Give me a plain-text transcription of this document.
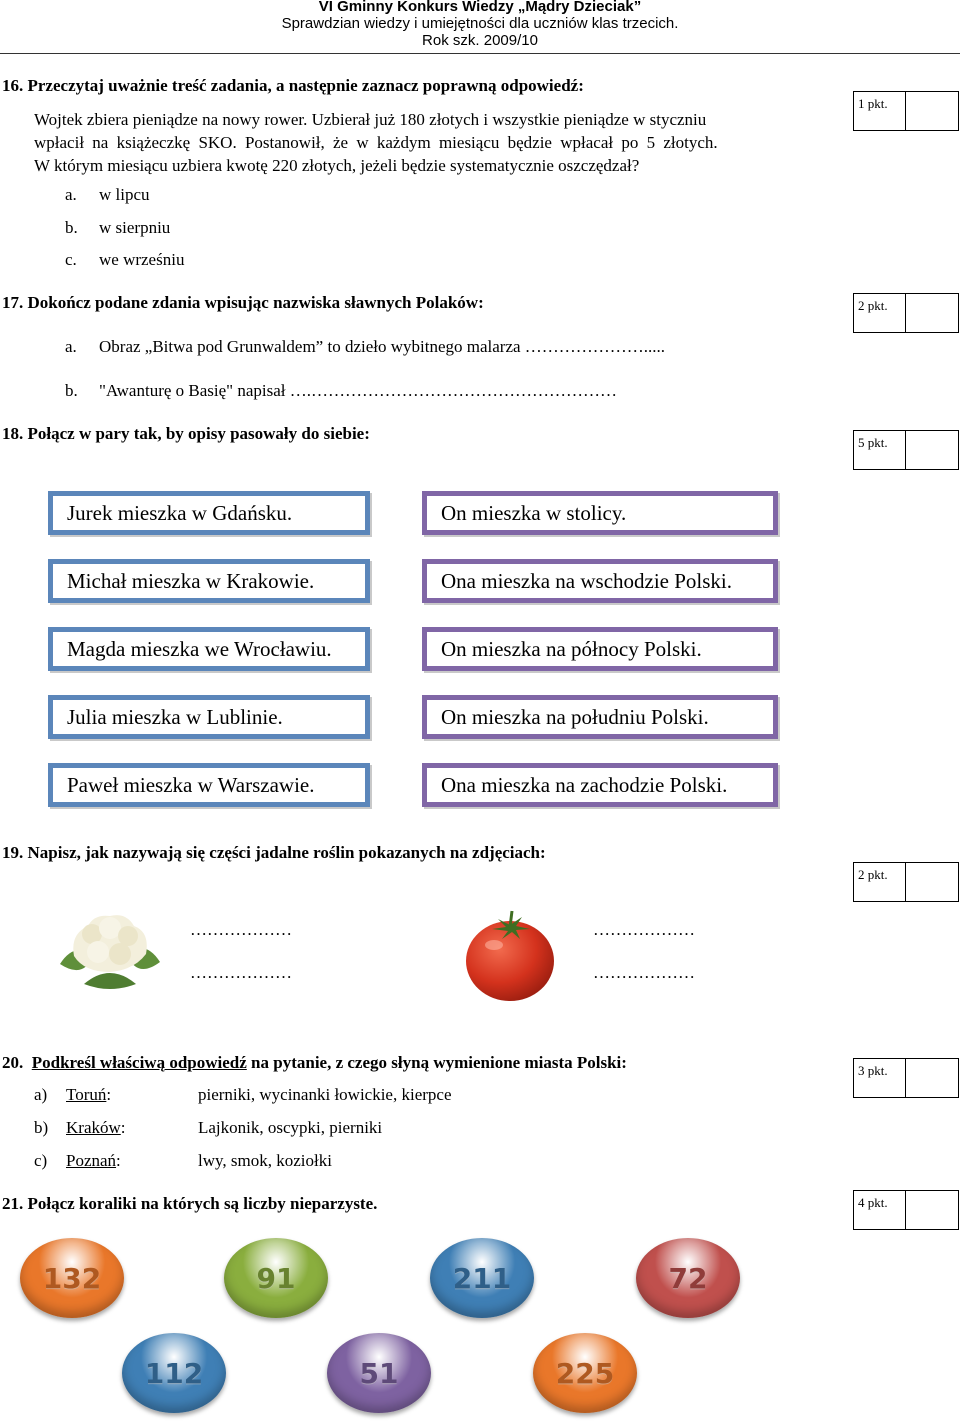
VI Gminny Konkurs Wiedzy „Mądry Dzieciak”
Sprawdzian wiedzy i umiejętności dla uczniów klas trzecich.
Rok szk. 2009/10
16. Przeczytaj uważnie treść zadania, a następnie zaznacz poprawną odpowiedź:
Wojtek zbiera pieniądze na nowy rower. Uzbierał już 180 złotych i wszystkie pieniądze w styczniu
wpłacił na książeczkę SKO. Postanowił, że w każdym miesiącu będzie wpłacał po 5 złotych.
W którym miesiącu uzbiera kwotę 220 złotych, jeżeli będzie systematycznie oszczędzał?
a. w lipcu
b. w sierpniu
c. we wrześniu
1 pkt.
17. Dokończ podane zdania wpisując nazwiska sławnych Polaków:
a. Obraz „Bitwa pod Grunwaldem” to dzieło wybitnego malarza ………………….....
b. "Awanturę o Basię" napisał ….………………………………………………
2 pkt.
18. Połącz w pary tak, by opisy pasowały do siebie:	5 pkt.
Jurek mieszka w Gdańsku.
Michał mieszka w Krakowie.
Magda mieszka we Wrocławiu.
Julia mieszka w Lublinie.
Paweł mieszka w Warszawie.
On mieszka w stolicy.
Ona mieszka na wschodzie Polski.
On mieszka na północy Polski.
On mieszka na południu Polski.
Ona mieszka na zachodzie Polski.
19. Napisz, jak nazywają się części jadalne roślin pokazanych na zdjęciach:
2 pkt.
………………
………………
………………
………………
20. Podkreśl właściwą odpowiedź na pytanie, z czego słyną wymienione miasta Polski:	3 pkt.
a) Toruń:	pierniki, wycinanki łowickie, kierpce
b) Kraków:	Lajkonik, oscypki, pierniki
c) Poznań:	lwy, smok, koziołki
21. Połącz koraliki na których są liczby nieparzyste.	4 pkt.
132	91	211	72
112	51	225
